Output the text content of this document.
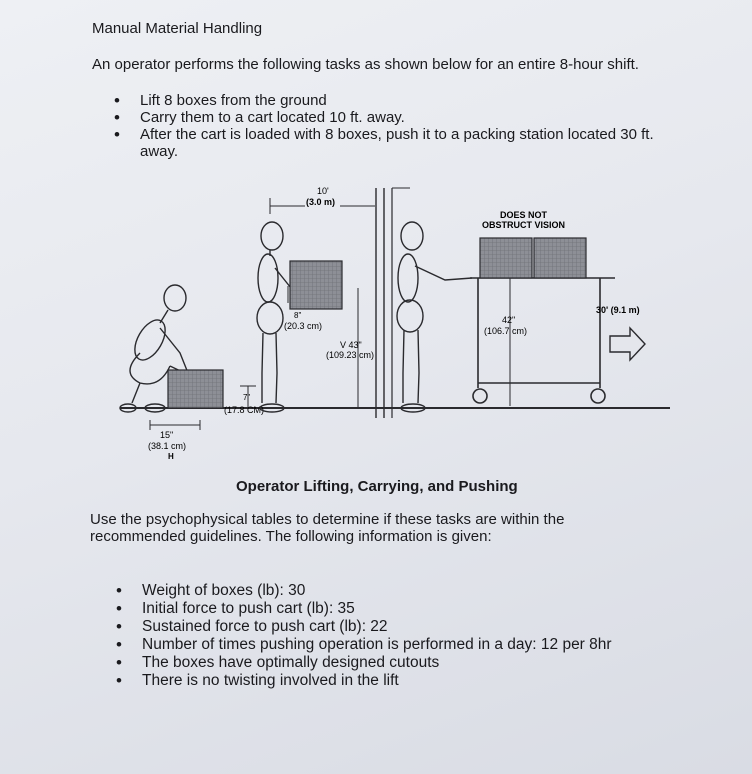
Manual Material Handling
An operator performs the following tasks as shown below for an entire 8-hour shift.
• Lift 8 boxes from the ground
• Carry them to a cart located 10 ft. away.
• After the cart is loaded with 8 boxes, push it to a packing station located 30 ft. away.
15"
(38.1 cm)
H
7"
(17.8 CM)
10'
(3.0 m)
8"
(20.3 cm)
V 43"
(109.23 cm)
DOES NOT
OBSTRUCT VISION
42"
(106.7 cm)
30' (9.1 m)
Operator Lifting, Carrying, and Pushing
Use the psychophysical tables to determine if these tasks are within the recommended guidelines. The following information is given:
• Weight of boxes (lb): 30
• Initial force to push cart (lb): 35
• Sustained force to push cart (lb): 22
• Number of times pushing operation is performed in a day: 12 per 8hr
• The boxes have optimally designed cutouts
• There is no twisting involved in the lift
